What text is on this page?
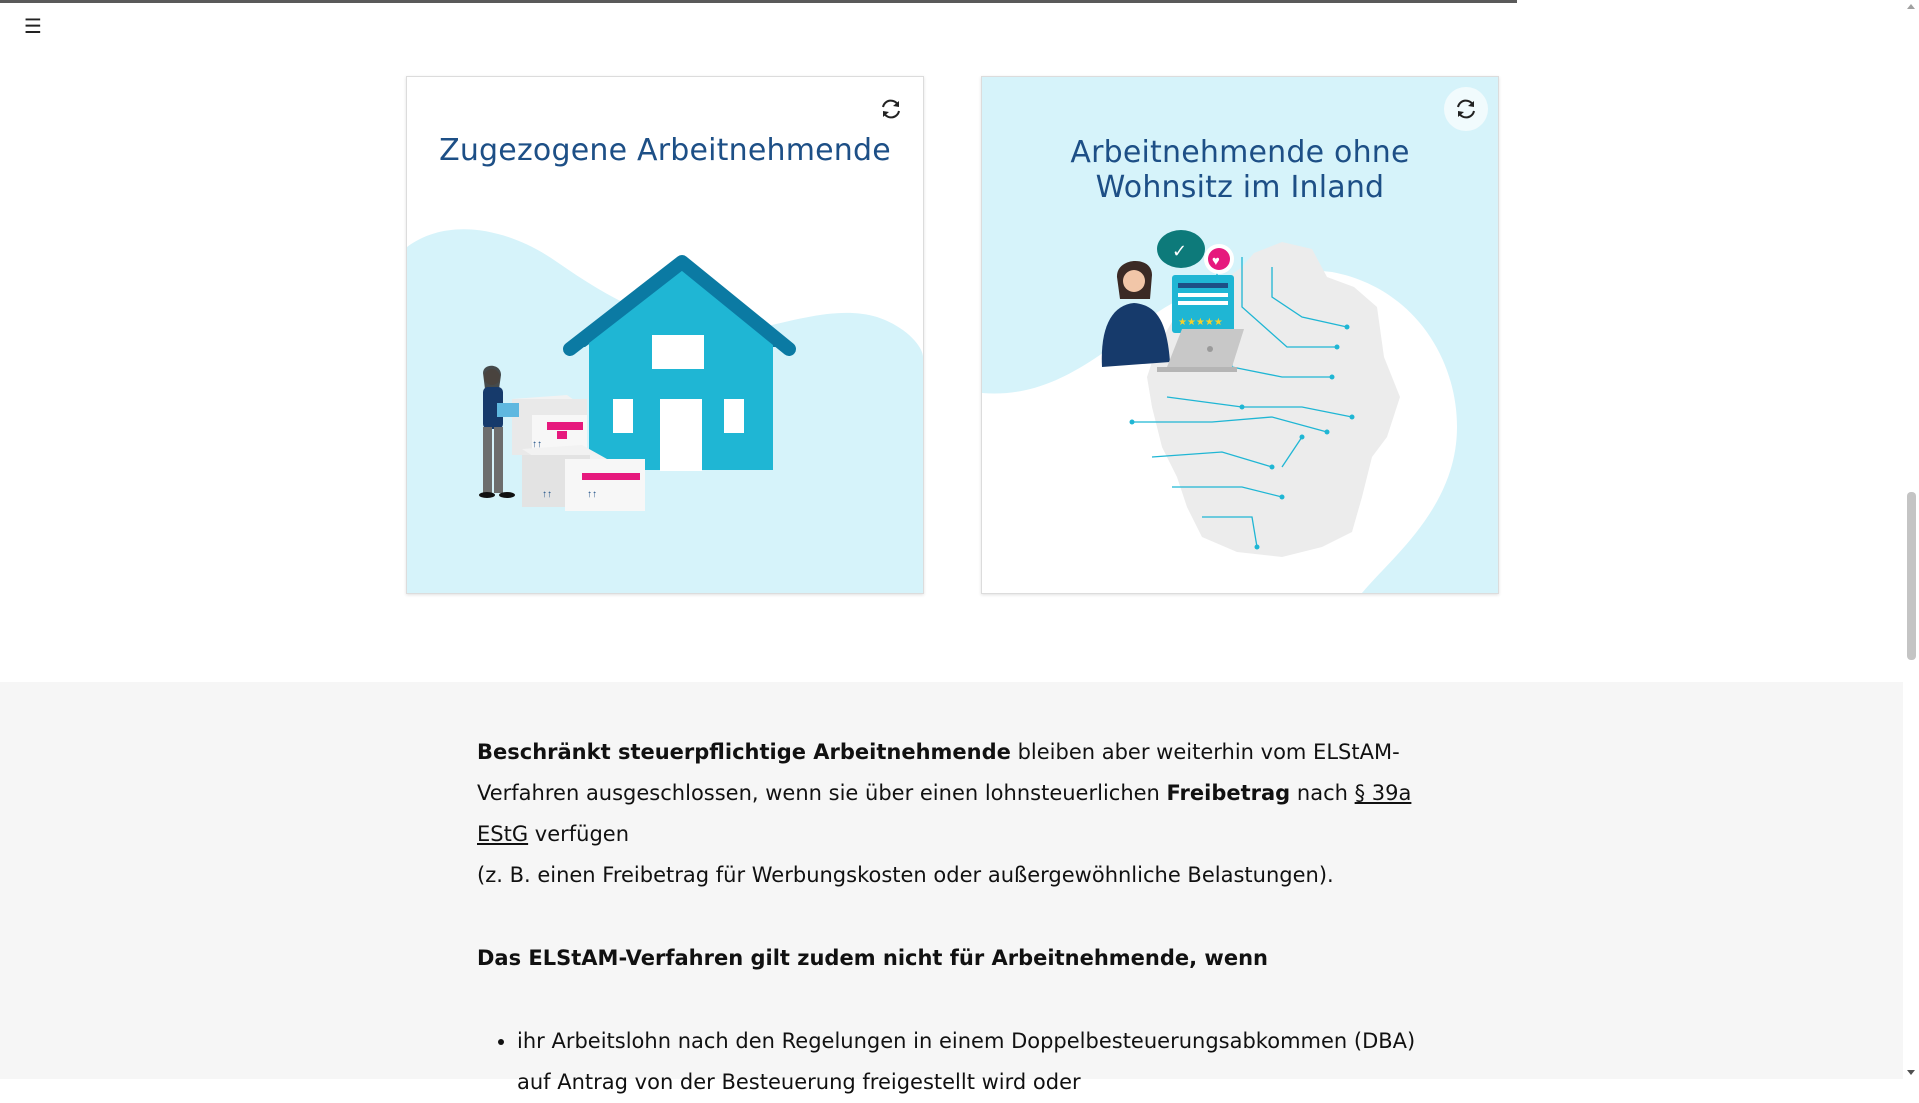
☰
↑↑
↑↑	↑↑
Zugezogene Arbeitnehmende
✓ ♥
★★★★★
Arbeitnehmende ohne
Wohnsitz im Inland

Beschränkt steuerpflichtige Arbeitnehmende bleiben aber weiterhin vom ELStAM-Verfahren ausgeschlossen, wenn sie über einen lohnsteuerlichen Freibetrag nach § 39a EStG verfügen
(z. B. einen Freibetrag für Werbungskosten oder außergewöhnliche Belastungen).

Das ELStAM-Verfahren gilt zudem nicht für Arbeitnehmende, wenn

• ihr Arbeitslohn nach den Regelungen in einem Doppelbesteuerungsabkommen (DBA) auf Antrag von der Besteuerung freigestellt wird oder
